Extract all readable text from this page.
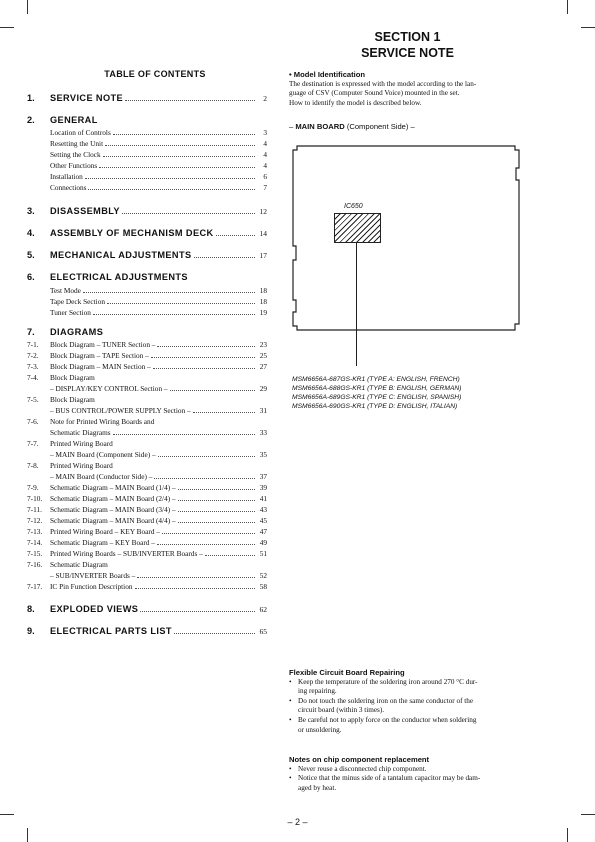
SECTION 1
SERVICE NOTE
TABLE OF CONTENTS
1.	SERVICE NOTE	2
2.	GENERAL
Location of Controls	3
Resetting the Unit	4
Setting the Clock	4
Other Functions	4
Installation	6
Connections	7
3.	DISASSEMBLY	12
4.	ASSEMBLY OF MECHANISM DECK	14
5.	MECHANICAL ADJUSTMENTS	17
6.	ELECTRICAL ADJUSTMENTS
Test Mode	18
Tape Deck Section	18
Tuner Section	19
7.	DIAGRAMS
7-1.	Block Diagram – TUNER Section –	23
7-2.	Block Diagram – TAPE Section –	25
7-3.	Block Diagram – MAIN Section –	27
7-4.	Block Diagram
– DISPLAY/KEY CONTROL Section –	29
7-5.	Block Diagram
– BUS CONTROL/POWER SUPPLY Section –	31
7-6.	Note for Printed Wiring Boards and
Schematic Diagrams	33
7-7.	Printed Wiring Board
– MAIN Board (Component Side) –	35
7-8.	Printed Wiring Board
– MAIN Board (Conductor Side) –	37
7-9.	Schematic Diagram – MAIN Board (1/4) –	39
7-10.	Schematic Diagram – MAIN Board (2/4) –	41
7-11.	Schematic Diagram – MAIN Board (3/4) –	43
7-12.	Schematic Diagram – MAIN Board (4/4) –	45
7-13.	Printed Wiring Board – KEY Board –	47
7-14.	Schematic Diagram – KEY Board –	49
7-15.	Printed Wiring Boards – SUB/INVERTER Boards –	51
7-16.	Schematic Diagram
– SUB/INVERTER Boards –	52
7-17.	IC Pin Function Description	58
8.	EXPLODED VIEWS	62
9.	ELECTRICAL PARTS LIST	65
• Model Identification
The destination is expressed with the model according to the lan-
guage of CSV (Computer Sound Voice) mounted in the set.
How to identify the model is described below.
– MAIN BOARD (Component Side) –
IC650
MSM6656A-687GS-KR1 (TYPE A: ENGLISH, FRENCH)
MSM6656A-688GS-KR1 (TYPE B: ENGLISH, GERMAN)
MSM6656A-689GS-KR1 (TYPE C: ENGLISH, SPANISH)
MSM6656A-690GS-KR1 (TYPE D: ENGLISH, ITALIAN)
Flexible Circuit Board Repairing
• Keep the temperature of the soldering iron around 270 °C dur-
ing repairing.
• Do not touch the soldering iron on the same conductor of the
circuit board (within 3 times).
• Be careful not to apply force on the conductor when soldering
or unsoldering.
Notes on chip component replacement
• Never reuse a disconnected chip component.
• Notice that the minus side of a tantalum capacitor may be dam-
aged by heat.
– 2 –
